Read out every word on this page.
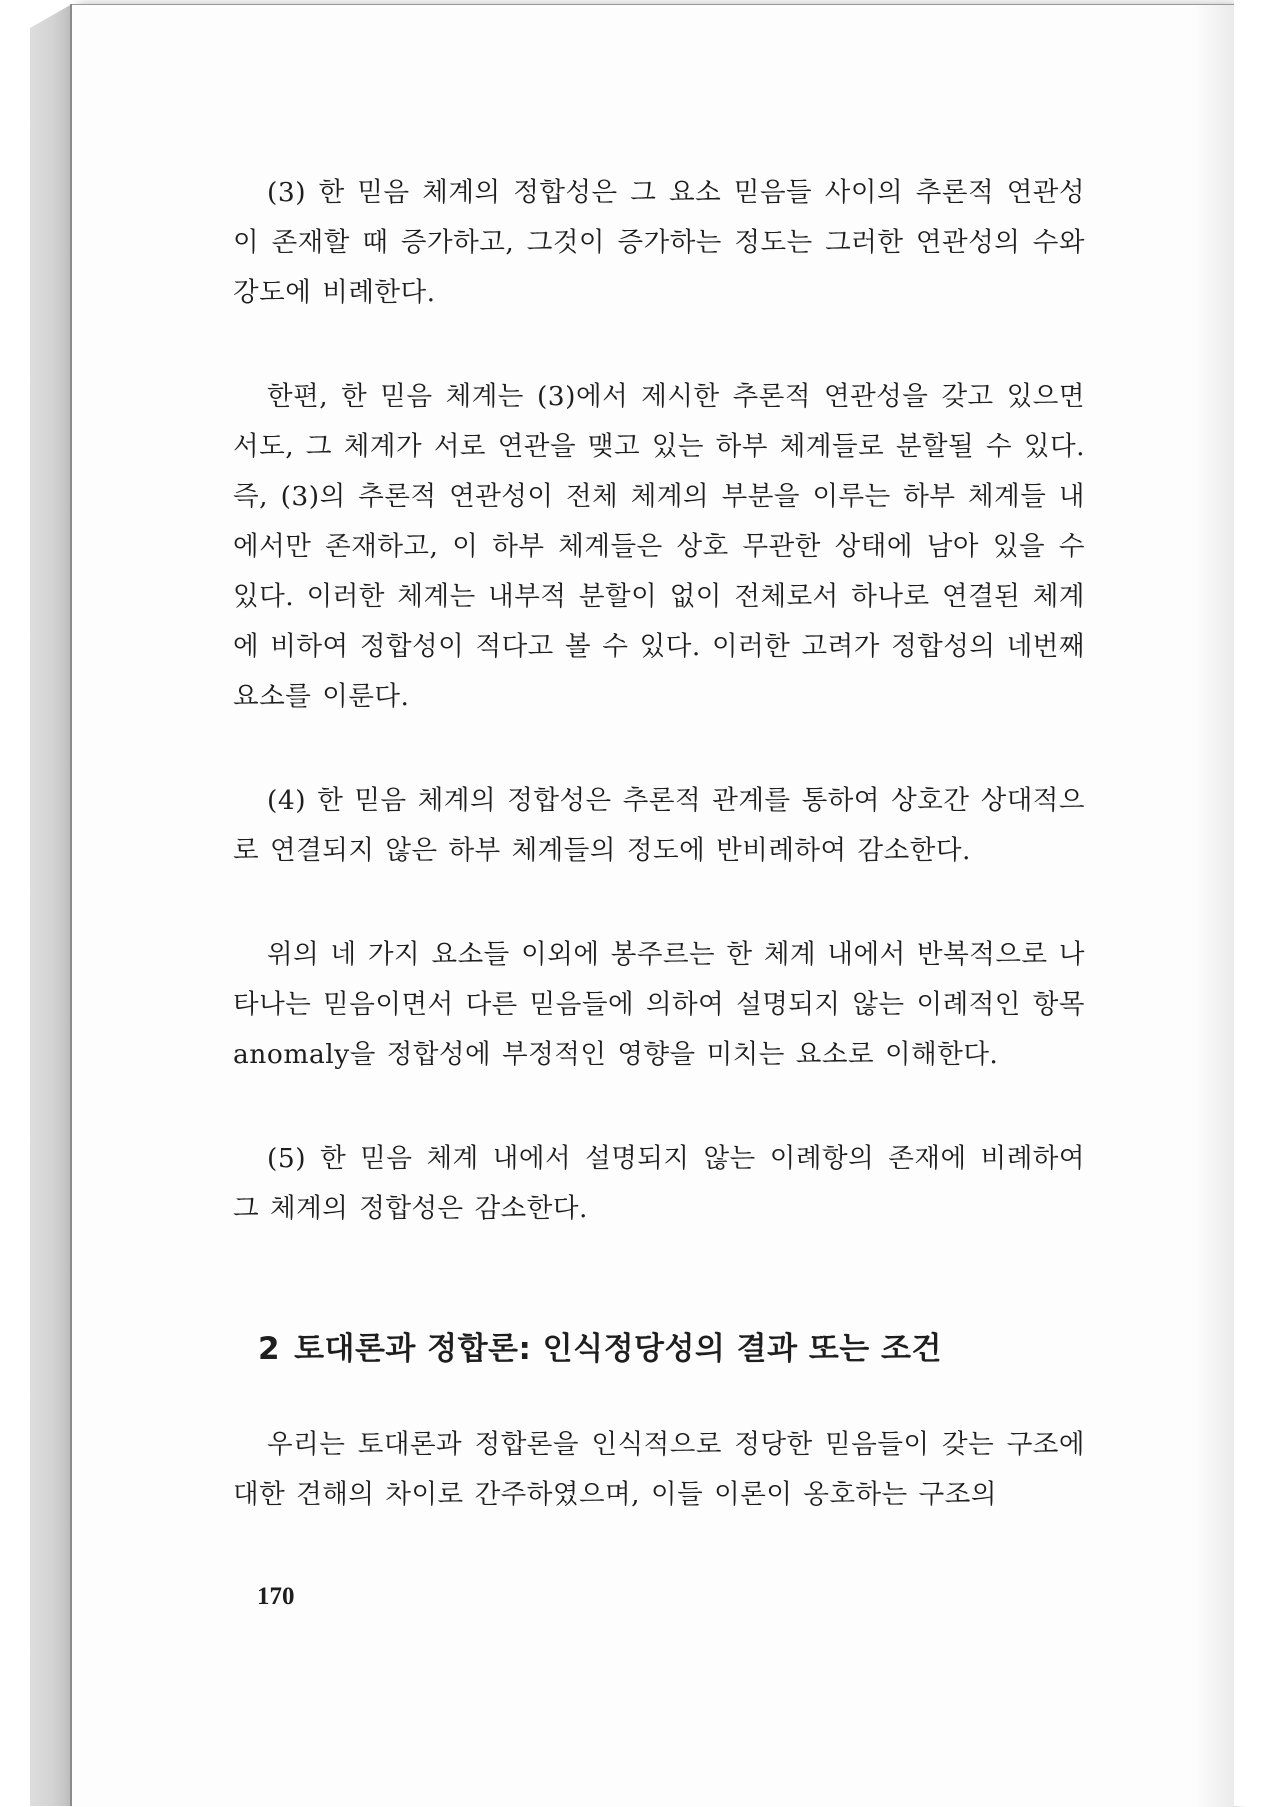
(3) 한 믿음 체계의 정합성은 그 요소 믿음들 사이의 추론적 연관성이 존재할 때 증가하고, 그것이 증가하는 정도는 그러한 연관성의 수와 강도에 비례한다.

한편, 한 믿음 체계는 (3)에서 제시한 추론적 연관성을 갖고 있으면서도, 그 체계가 서로 연관을 맺고 있는 하부 체계들로 분할될 수 있다. 즉, (3)의 추론적 연관성이 전체 체계의 부분을 이루는 하부 체계들 내에서만 존재하고, 이 하부 체계들은 상호 무관한 상태에 남아 있을 수 있다. 이러한 체계는 내부적 분할이 없이 전체로서 하나로 연결된 체계에 비하여 정합성이 적다고 볼 수 있다. 이러한 고려가 정합성의 네번째 요소를 이룬다.

(4) 한 믿음 체계의 정합성은 추론적 관계를 통하여 상호간 상대적으로 연결되지 않은 하부 체계들의 정도에 반비례하여 감소한다.

위의 네 가지 요소들 이외에 봉주르는 한 체계 내에서 반복적으로 나타나는 믿음이면서 다른 믿음들에 의하여 설명되지 않는 이례적인 항목 anomaly을 정합성에 부정적인 영향을 미치는 요소로 이해한다.

(5) 한 믿음 체계 내에서 설명되지 않는 이례항의 존재에 비례하여 그 체계의 정합성은 감소한다.

2 토대론과 정합론: 인식정당성의 결과 또는 조건

우리는 토대론과 정합론을 인식적으로 정당한 믿음들이 갖는 구조에 대한 견해의 차이로 간주하였으며, 이들 이론이 옹호하는 구조의

170
